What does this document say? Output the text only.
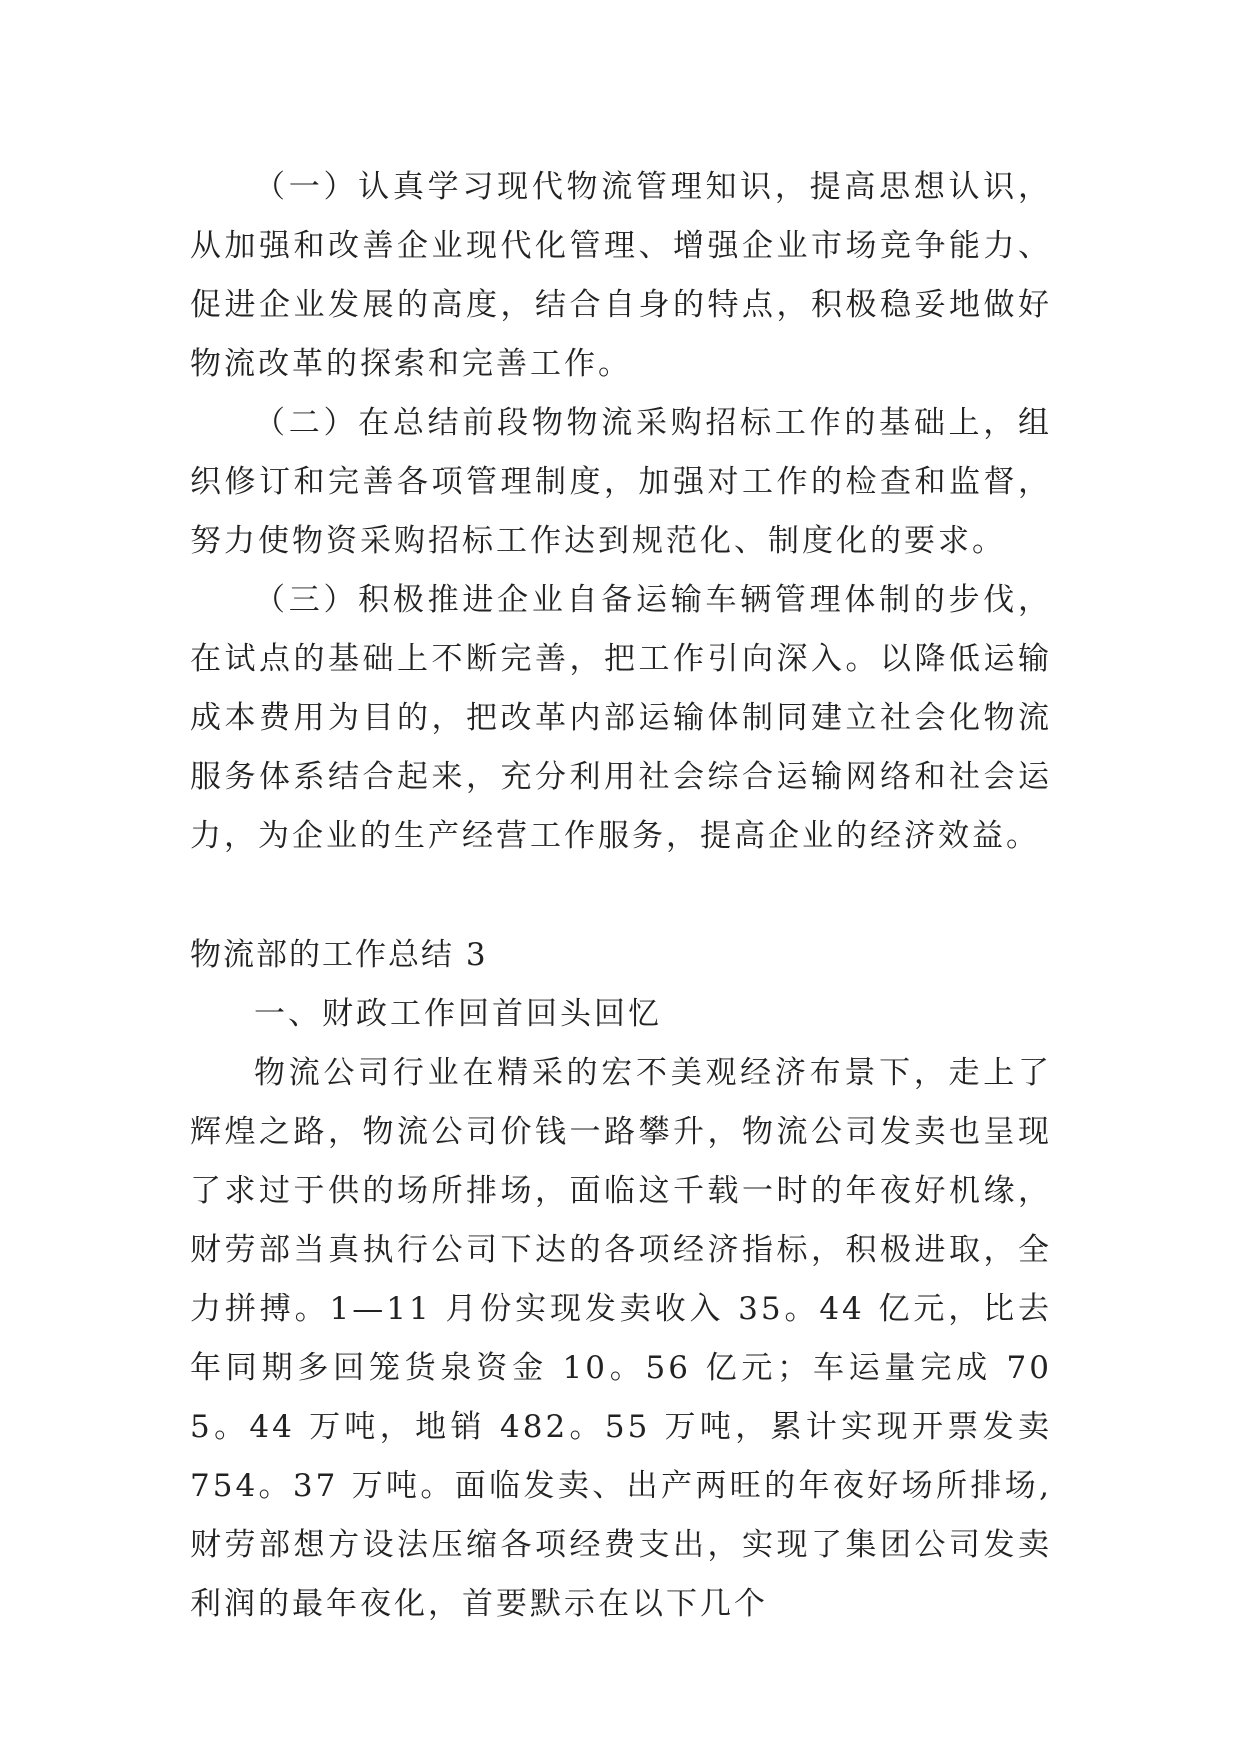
（一）认真学习现代物流管理知识，提高思想认识，从加强和改善企业现代化管理、增强企业市场竞争能力、促进企业发展的高度，结合自身的特点，积极稳妥地做好物流改革的探索和完善工作。

（二）在总结前段物物流采购招标工作的基础上，组织修订和完善各项管理制度，加强对工作的检查和监督，努力使物资采购招标工作达到规范化、制度化的要求。

（三）积极推进企业自备运输车辆管理体制的步伐，在试点的基础上不断完善，把工作引向深入。以降低运输成本费用为目的，把改革内部运输体制同建立社会化物流服务体系结合起来，充分利用社会综合运输网络和社会运力，为企业的生产经营工作服务，提高企业的经济效益。

物流部的工作总结 3

一、财政工作回首回头回忆

物流公司行业在精采的宏不美观经济布景下，走上了辉煌之路，物流公司价钱一路攀升，物流公司发卖也呈现了求过于供的场所排场，面临这千载一时的年夜好机缘，财劳部当真执行公司下达的各项经济指标，积极进取，全力拼搏。1—11 月份实现发卖收入 35。44 亿元，比去年同期多回笼货泉资金 10。56 亿元；车运量完成 705。44 万吨，地销 482。55 万吨，累计实现开票发卖 754。37 万吨。面临发卖、出产两旺的年夜好场所排场,财劳部想方设法压缩各项经费支出，实现了集团公司发卖利润的最年夜化，首要默示在以下几个
